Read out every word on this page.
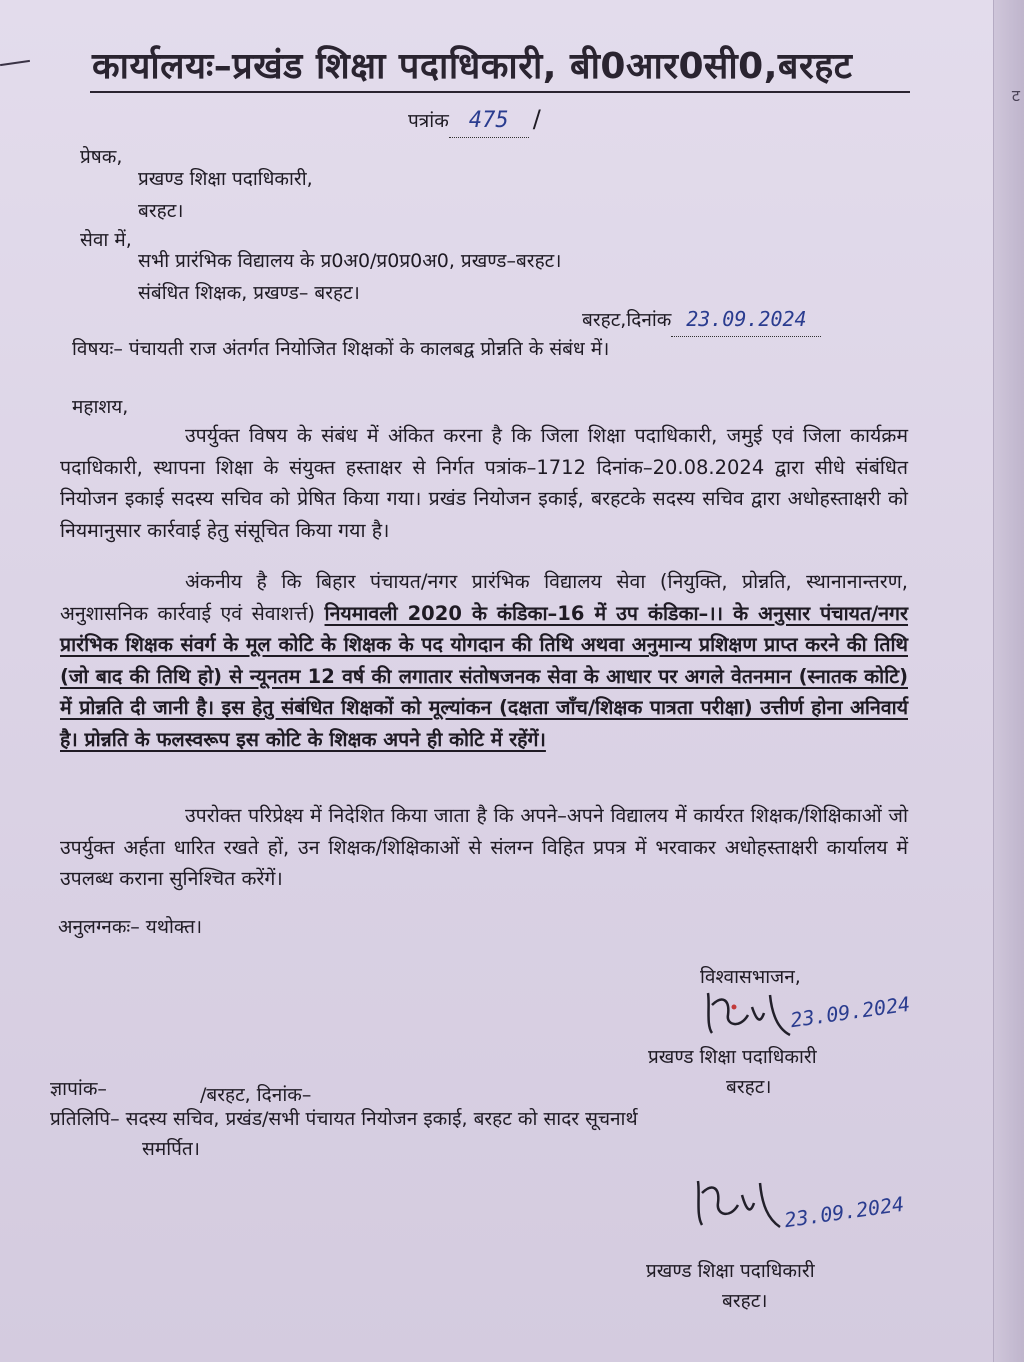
ट
कार्यालयः–प्रखंड शिक्षा पदाधिकारी, बी0आर0सी0,बरहट
पत्रांक 475 /
प्रेषक,
प्रखण्ड शिक्षा पदाधिकारी,
बरहट।
सेवा में,
सभी प्रारंभिक विद्यालय के प्र0अ0/प्र0प्र0अ0, प्रखण्ड–बरहट।
संबंधित शिक्षक, प्रखण्ड– बरहट।
बरहट,दिनांक 23.09.2024
विषयः– पंचायती राज अंतर्गत नियोजित शिक्षकों के कालबद्व प्रोन्नति के संबंध में।
महाशय,
उपर्युक्त विषय के संबंध में अंकित करना है कि जिला शिक्षा पदाधिकारी, जमुई एवं जिला कार्यक्रम पदाधिकारी, स्थापना शिक्षा के संयुक्त हस्ताक्षर से निर्गत पत्रांक–1712 दिनांक–20.08.2024 द्वारा सीधे संबंधित नियोजन इकाई सदस्य सचिव को प्रेषित किया गया। प्रखंड नियोजन इकाई, बरहटके सदस्य सचिव द्वारा अधोहस्ताक्षरी को नियमानुसार कार्रवाई हेतु संसूचित किया गया है।
अंकनीय है कि बिहार पंचायत/नगर प्रारंभिक विद्यालय सेवा (नियुक्ति, प्रोन्नति, स्थानानान्तरण, अनुशासनिक कार्रवाई एवं सेवाशर्त्त) नियमावली 2020 के कंडिका–16 में उप कंडिका–।। के अनुसार पंचायत/नगर प्रारंभिक शिक्षक संवर्ग के मूल कोटि के शिक्षक के पद योगदान की तिथि अथवा अनुमान्य प्रशिक्षण प्राप्त करने की तिथि (जो बाद की तिथि हो) से न्यूनतम 12 वर्ष की लगातार संतोषजनक सेवा के आधार पर अगले वेतनमान (स्नातक कोटि) में प्रोन्नति दी जानी है। इस हेतु संबंधित शिक्षकों को मूल्यांकन (दक्षता जाँच/शिक्षक पात्रता परीक्षा) उत्तीर्ण होना अनिवार्य है। प्रोन्नति के फलस्वरूप इस कोटि के शिक्षक अपने ही कोटि में रहेंगें।
उपरोक्त परिप्रेक्ष्य में निदेशित किया जाता है कि अपने–अपने विद्यालय में कार्यरत शिक्षक/शिक्षिकाओं जो उपर्युक्त अर्हता धारित रखते हों, उन शिक्षक/शिक्षिकाओं से संलग्न विहित प्रपत्र में भरवाकर अधोहस्ताक्षरी कार्यालय में उपलब्ध कराना सुनिश्चित करेंगें।
अनुलग्नकः– यथोक्त।
विश्वासभाजन,
23.09.2024
प्रखण्ड शिक्षा पदाधिकारी
बरहट।
ज्ञापांक–	/बरहट, दिनांक–
प्रतिलिपि– सदस्य सचिव, प्रखंड/सभी पंचायत नियोजन इकाई, बरहट को सादर सूचनार्थ
समर्पित।
23.09.2024
प्रखण्ड शिक्षा पदाधिकारी
बरहट।
